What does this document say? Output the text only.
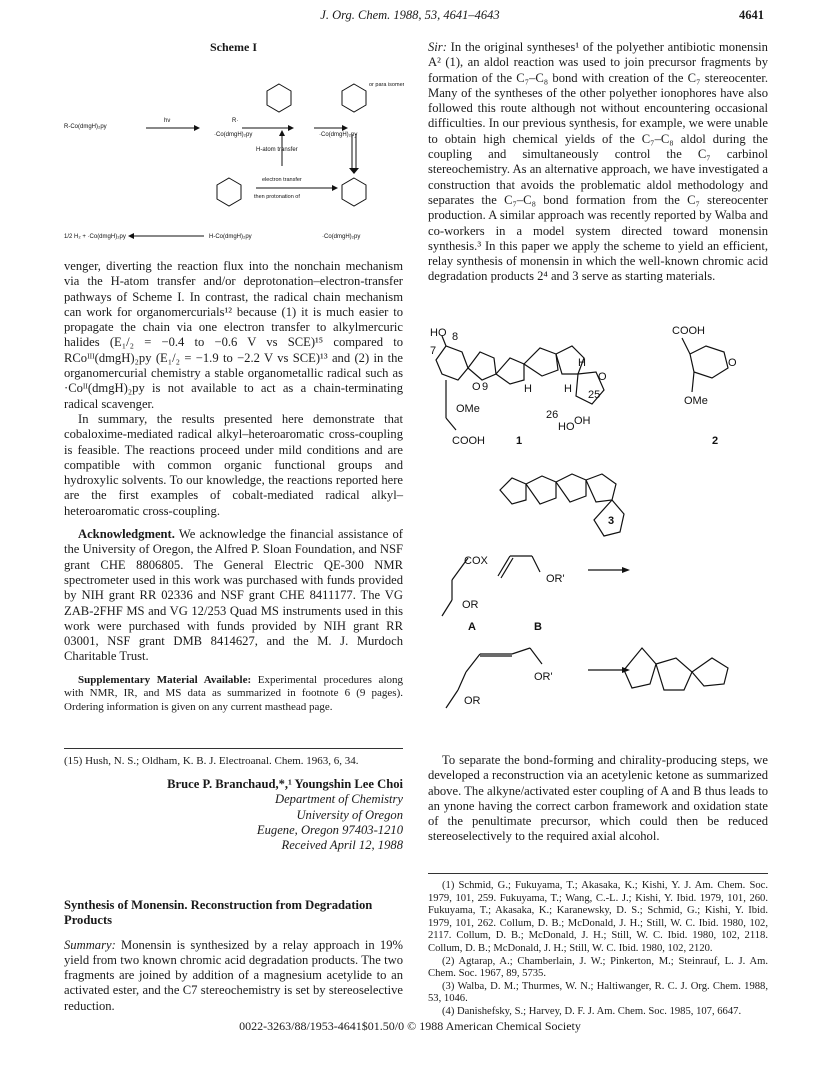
J. Org. Chem. 1988, 53, 4641–4643	4641
Scheme I
R-Co(dmgH)₂py
hν	R·
·Co(dmgH)₂py	·Co(dmgH)₂py
or para isomer
H-atom transfer
electron transfer
then protonation of
1/2 H₂ + ·Co(dmgH)₂py	H-Co(dmgH)₂py	·Co(dmgH)₂py

venger, diverting the reaction flux into the nonchain mechanism via the H-atom transfer and/or deprotonation–electron-transfer pathways of Scheme I. In contrast, the radical chain mechanism can work for organomercurials¹² because (1) it is much easier to propagate the chain via one electron transfer to alkylmercuric halides (E₁/₂ = −0.4 to −0.6 V vs SCE)¹⁵ compared to RCoᴵᴵᴵ(dmgH)₂py (E₁/₂ = −1.9 to −2.2 V vs SCE)¹³ and (2) in the organomercurial chemistry a stable organometallic radical such as ·Coᴵᴵ(dmgH)₂py is not available to act as a chain-terminating radical scavenger.

In summary, the results presented here demonstrate that cobaloxime-mediated radical alkyl–heteroaromatic cross-coupling is feasible. The reactions proceed under mild conditions and are compatible with common organic functional groups and hydroxylic solvents. To our knowledge, the reactions reported here are the first examples of cobalt-mediated radical alkyl–heteroaromatic cross-coupling.

Acknowledgment. We acknowledge the financial assistance of the University of Oregon, the Alfred P. Sloan Foundation, and NSF grant CHE 8806805. The General Electric QE-300 NMR spectrometer used in this work was purchased with funds provided by NIH grant RR 02336 and NSF grant CHE 8411177. The VG ZAB-2FHF MS and VG 12/253 Quad MS instruments used in this work were purchased with funds provided by NIH grant RR 03001, NSF grant DMB 8414627, and the M. J. Murdoch Charitable Trust.

Supplementary Material Available: Experimental procedures along with NMR, IR, and MS data as summarized in footnote 6 (9 pages). Ordering information is given on any current masthead page.

(15) Hush, N. S.; Oldham, K. B. J. Electroanal. Chem. 1963, 6, 34.

Bruce P. Branchaud,*,¹ Youngshin Lee Choi

Department of Chemistry

University of Oregon

Eugene, Oregon 97403-1210

Received April 12, 1988

Synthesis of Monensin. Reconstruction from Degradation Products

Summary: Monensin is synthesized by a relay approach in 19% yield from two known chromic acid degradation products. The two fragments are joined by addition of a magnesium acetylide to an activated ester, and the C7 stereochemistry is set by stereoselective reduction.

Sir: In the original syntheses¹ of the polyether antibiotic monensin A² (1), an aldol reaction was used to join precursor fragments by formation of the C₇–C₈ bond with creation of the C₇ stereocenter. Many of the syntheses of the other polyether ionophores have also followed this route although not without encountering occasional difficulties. In our previous synthesis, for example, we were unable to obtain high chemical yields of the C₇–C₈ aldol during the coupling and simultaneously control the C₇ carbinol stereochemistry. As an alternative approach, we have investigated a construction that avoids the problematic aldol methodology and separates the C₇–C₈ bond formation from the C₇ stereocenter production. A similar approach was recently reported by Walba and co-workers in a model system directed toward monensin synthesis.³ In this paper we apply the scheme to yield an efficient, relay synthesis of monensin in which the well-known chromic acid degradation products 2⁴ and 3 serve as starting materials.

HO 8
7
H
O 9	H	H
O
25
26
HO OH
OMe
COOH
COOH
OMe
O
1	2
3
COX
OR
OR'
A	B
OR'
OR

To separate the bond-forming and chirality-producing steps, we developed a reconstruction via an acetylenic ketone as summarized above. The alkyne/activated ester coupling of A and B thus leads to an ynone having the correct carbon framework and oxidation state of the penultimate precursor, which could then be reduced stereoselectively to the required axial alcohol.

(1) Schmid, G.; Fukuyama, T.; Akasaka, K.; Kishi, Y. J. Am. Chem. Soc. 1979, 101, 259. Fukuyama, T.; Wang, C.-L. J.; Kishi, Y. Ibid. 1979, 101, 260. Fukuyama, T.; Akasaka, K.; Karanewsky, D. S.; Schmid, G.; Kishi, Y. Ibid. 1979, 101, 262. Collum, D. B.; McDonald, J. H.; Still, W. C. Ibid. 1980, 102, 2117. Collum, D. B.; McDonald, J. H.; Still, W. C. Ibid. 1980, 102, 2118. Collum, D. B.; McDonald, J. H.; Still, W. C. Ibid. 1980, 102, 2120.

(2) Agtarap, A.; Chamberlain, J. W.; Pinkerton, M.; Steinrauf, L. J. Am. Chem. Soc. 1967, 89, 5735.

(3) Walba, D. M.; Thurmes, W. N.; Haltiwanger, R. C. J. Org. Chem. 1988, 53, 1046.

(4) Danishefsky, S.; Harvey, D. F. J. Am. Chem. Soc. 1985, 107, 6647.

0022-3263/88/1953-4641$01.50/0 © 1988 American Chemical Society
